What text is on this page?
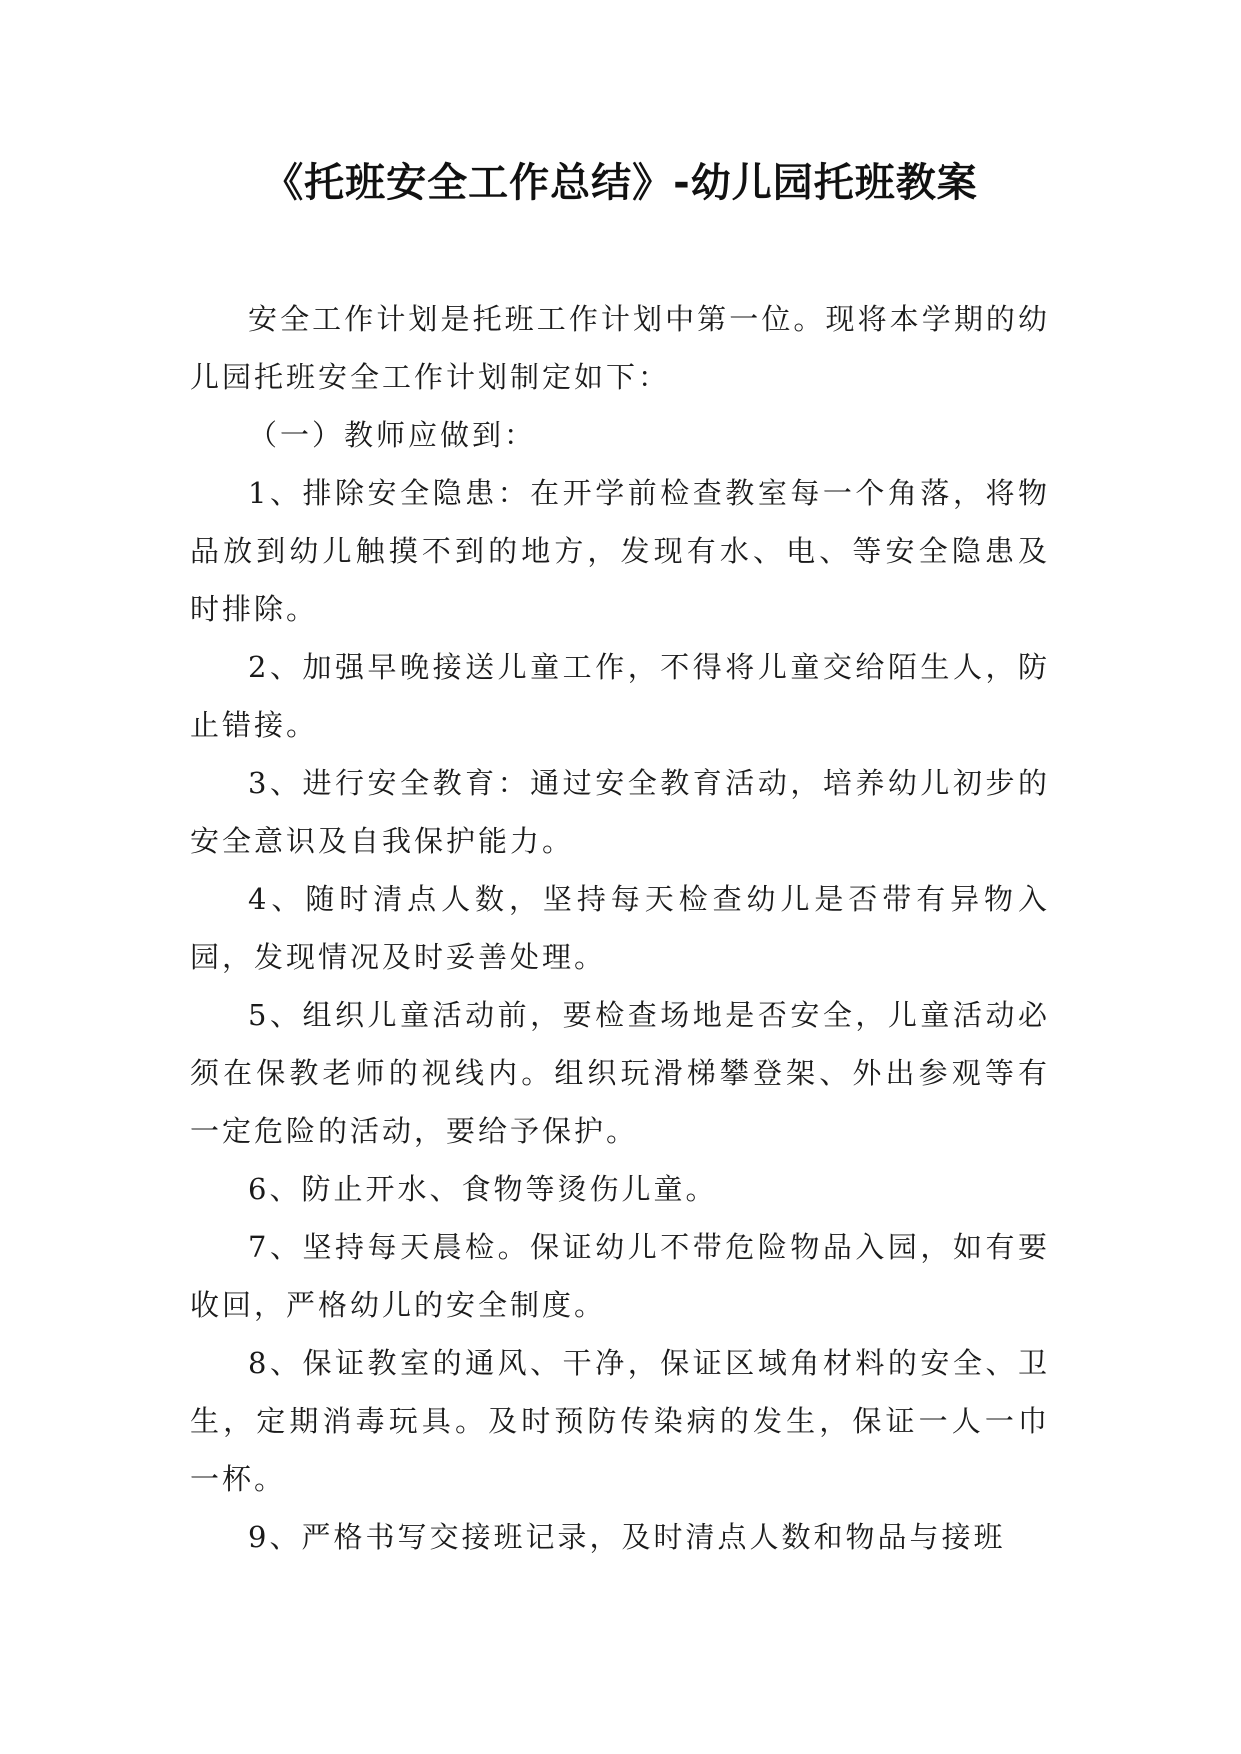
《托班安全工作总结》-幼儿园托班教案

安全工作计划是托班工作计划中第一位。现将本学期的幼儿园托班安全工作计划制定如下：

（一）教师应做到：

1、排除安全隐患：在开学前检查教室每一个角落，将物品放到幼儿触摸不到的地方，发现有水、电、等安全隐患及时排除。

2、加强早晚接送儿童工作，不得将儿童交给陌生人，防止错接。

3、进行安全教育：通过安全教育活动，培养幼儿初步的安全意识及自我保护能力。

4、随时清点人数，坚持每天检查幼儿是否带有异物入园，发现情况及时妥善处理。

5、组织儿童活动前，要检查场地是否安全，儿童活动必须在保教老师的视线内。组织玩滑梯攀登架、外出参观等有一定危险的活动，要给予保护。

6、防止开水、食物等烫伤儿童。

7、坚持每天晨检。保证幼儿不带危险物品入园，如有要收回，严格幼儿的安全制度。

8、保证教室的通风、干净，保证区域角材料的安全、卫生，定期消毒玩具。及时预防传染病的发生，保证一人一巾一杯。

9、严格书写交接班记录，及时清点人数和物品与接班
